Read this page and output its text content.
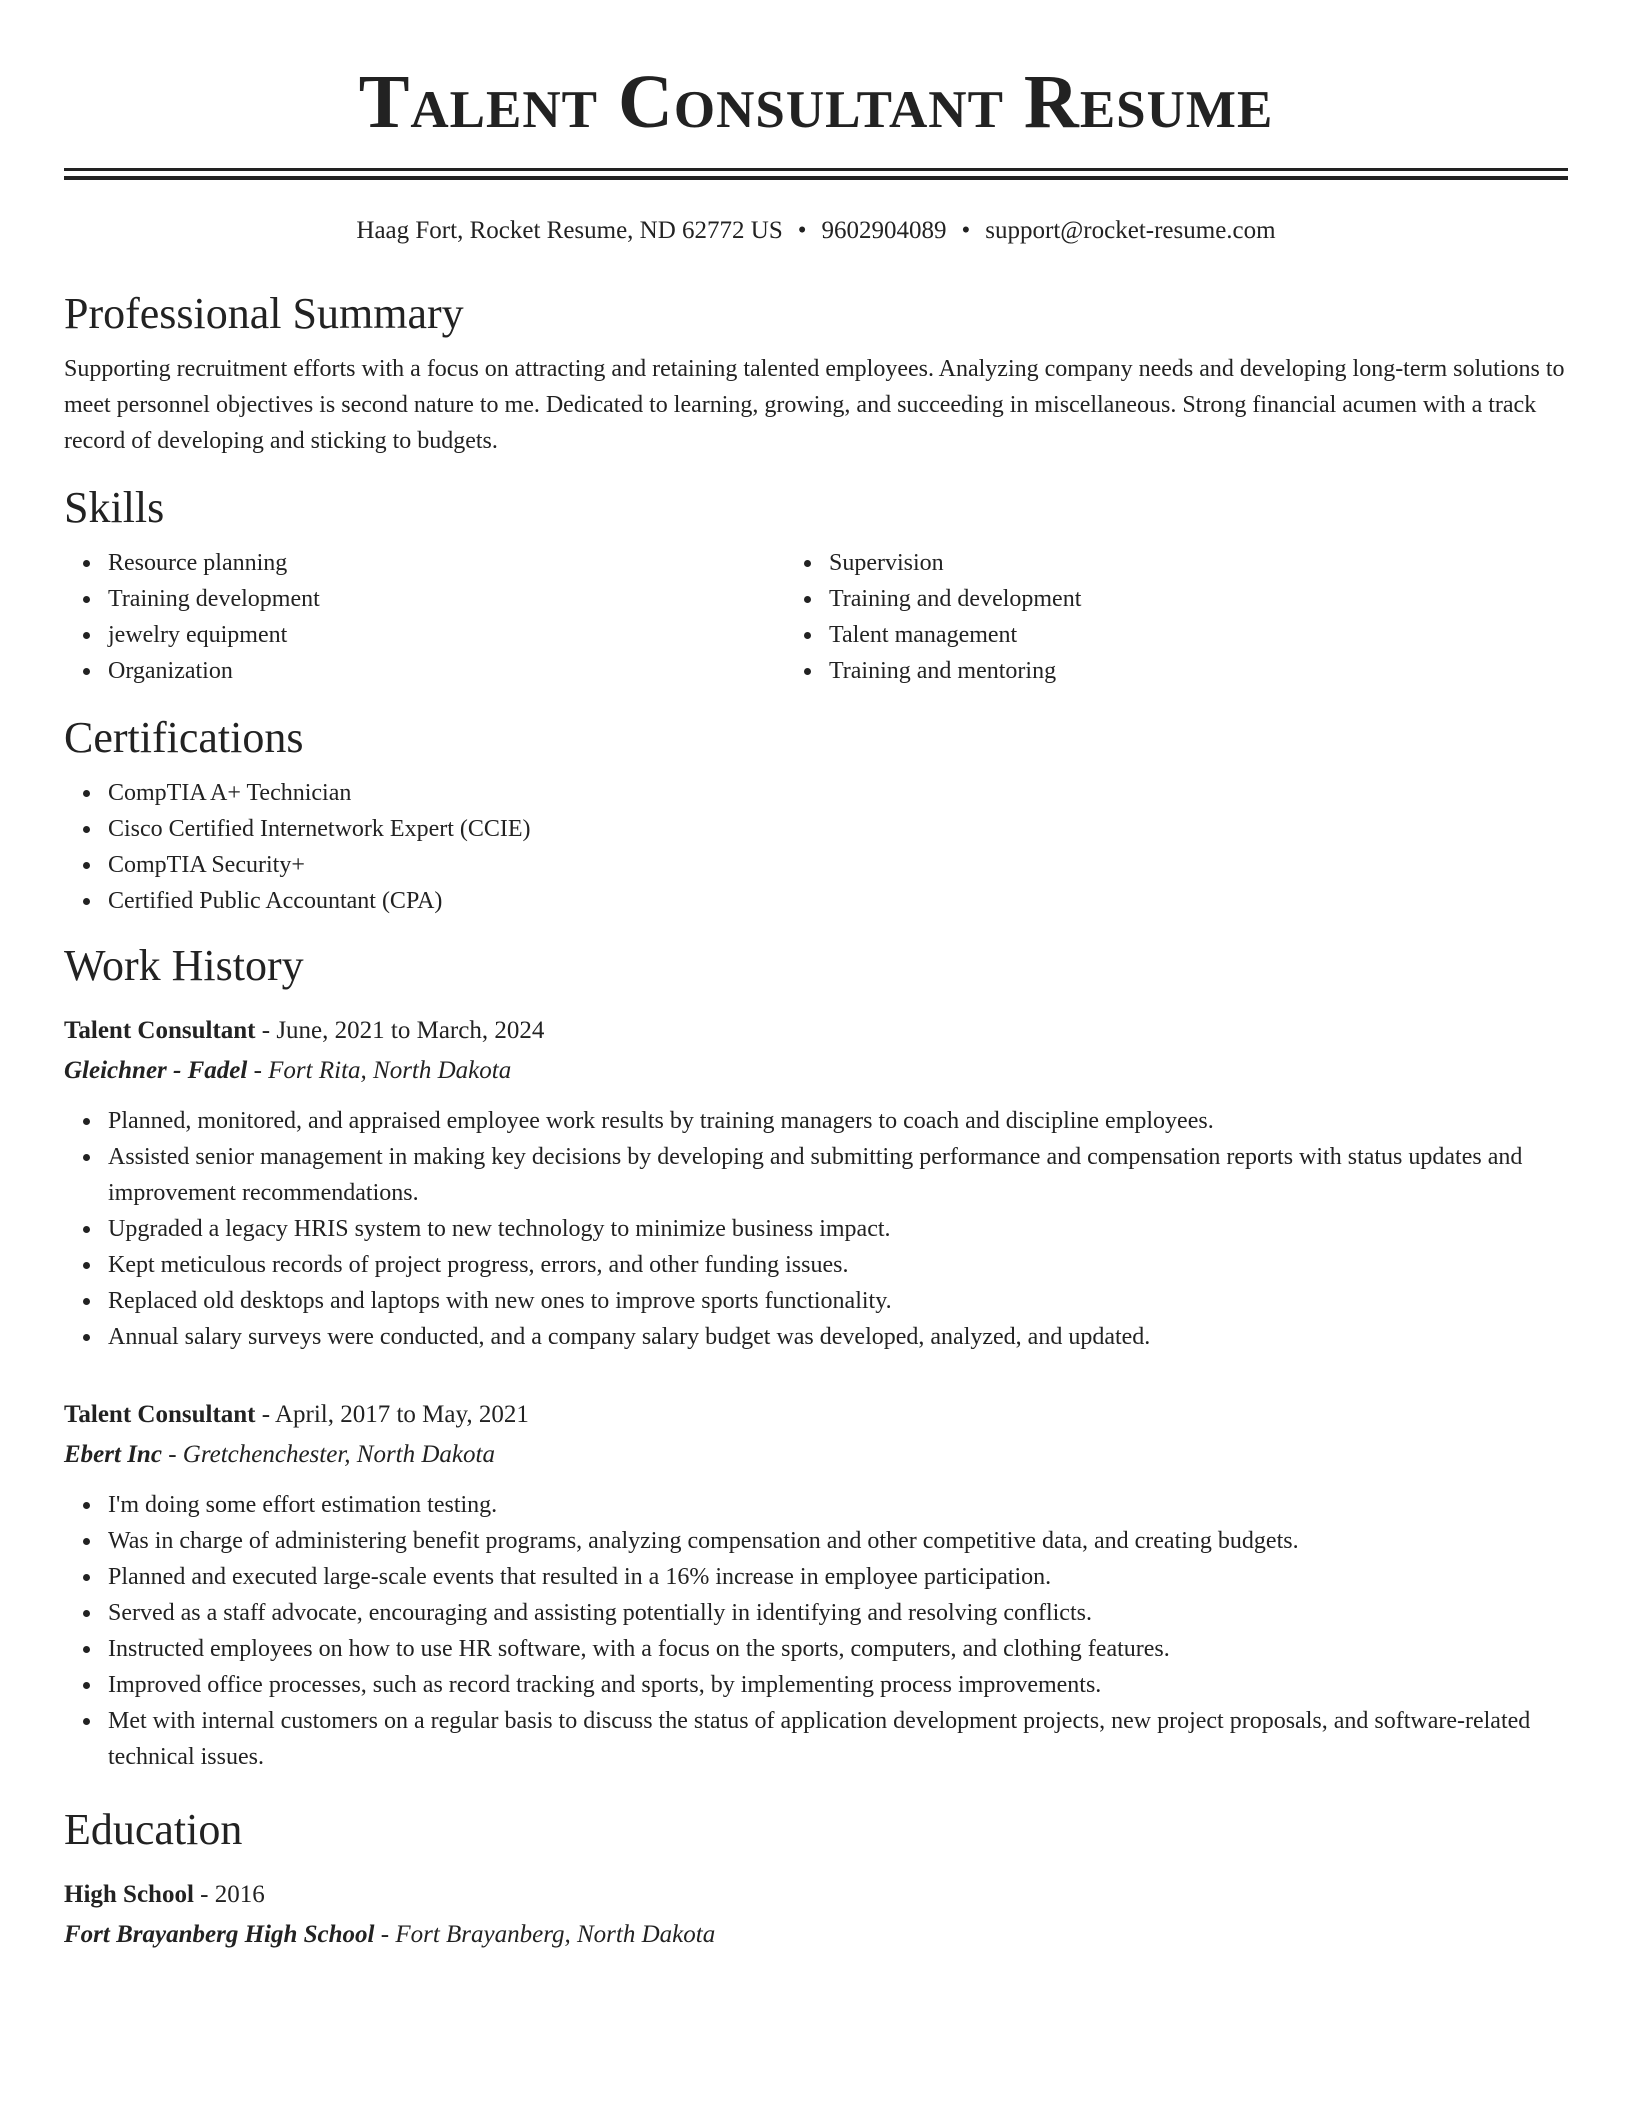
Talent Consultant Resume
Haag Fort, Rocket Resume, ND 62772 US • 9602904089 • support@rocket-resume.com
Professional Summary

Supporting recruitment efforts with a focus on attracting and retaining talented employees. Analyzing company needs and developing long-term solutions to meet personnel objectives is second nature to me. Dedicated to learning, growing, and succeeding in miscellaneous. Strong financial acumen with a track record of developing and sticking to budgets.

Skills
Resource planning
Training development
jewelry equipment
Organization
Supervision
Training and development
Talent management
Training and mentoring
Certifications
CompTIA A+ Technician
Cisco Certified Internetwork Expert (CCIE)
CompTIA Security+
Certified Public Accountant (CPA)
Work History
Talent Consultant - June, 2021 to March, 2024
Gleichner - Fadel - Fort Rita, North Dakota
Planned, monitored, and appraised employee work results by training managers to coach and discipline employees.
Assisted senior management in making key decisions by developing and submitting performance and compensation reports with status updates and improvement recommendations.
Upgraded a legacy HRIS system to new technology to minimize business impact.
Kept meticulous records of project progress, errors, and other funding issues.
Replaced old desktops and laptops with new ones to improve sports functionality.
Annual salary surveys were conducted, and a company salary budget was developed, analyzed, and updated.
Talent Consultant - April, 2017 to May, 2021
Ebert Inc - Gretchenchester, North Dakota
I'm doing some effort estimation testing.
Was in charge of administering benefit programs, analyzing compensation and other competitive data, and creating budgets.
Planned and executed large-scale events that resulted in a 16% increase in employee participation.
Served as a staff advocate, encouraging and assisting potentially in identifying and resolving conflicts.
Instructed employees on how to use HR software, with a focus on the sports, computers, and clothing features.
Improved office processes, such as record tracking and sports, by implementing process improvements.
Met with internal customers on a regular basis to discuss the status of application development projects, new project proposals, and software-related technical issues.
Education
High School - 2016
Fort Brayanberg High School - Fort Brayanberg, North Dakota
